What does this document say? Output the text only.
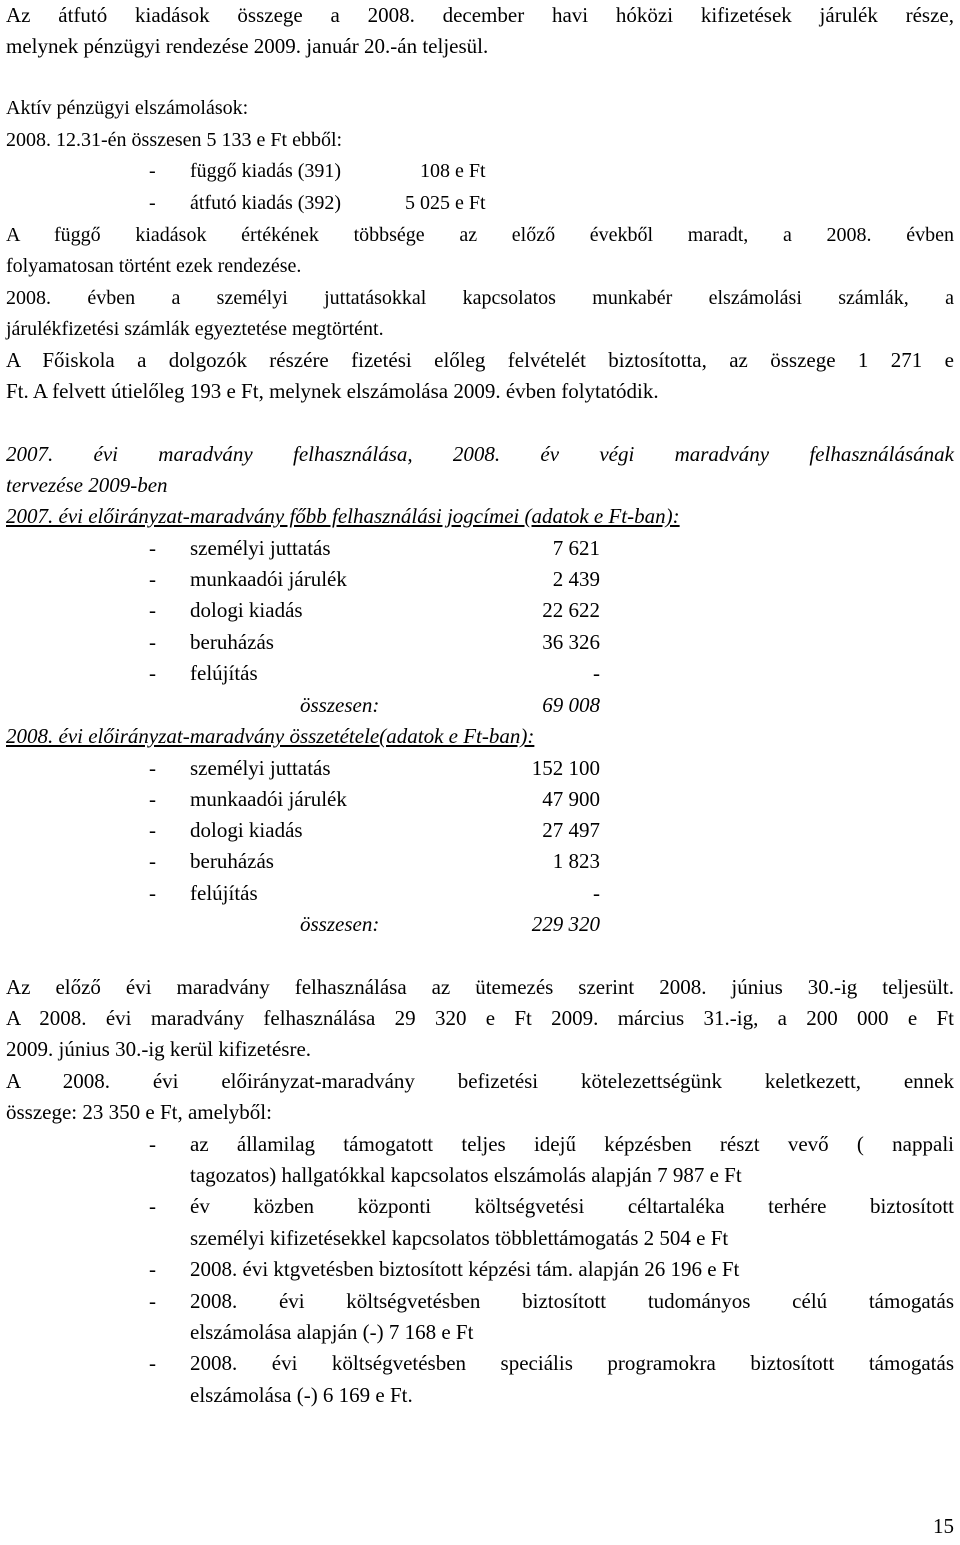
Az átfutó kiadások összege a 2008. december havi hóközi kifizetések járulék része,
melynek pénzügyi rendezése 2009. január 20.-án teljesül.
Aktív pénzügyi elszámolások:
2008. 12.31-én összesen 5 133 e Ft ebből:
- függő kiadás (391)	108 e Ft
- átfutó kiadás (392)	5 025 e Ft
A függő kiadások értékének többsége az előző évekből maradt, a 2008. évben
folyamatosan történt ezek rendezése.
2008. évben a személyi juttatásokkal kapcsolatos munkabér elszámolási számlák, a
járulékfizetési számlák egyeztetése megtörtént.
A Főiskola a dolgozók részére fizetési előleg felvételét biztosította, az összege 1 271 e
Ft. A felvett útielőleg 193 e Ft, melynek elszámolása 2009. évben folytatódik.
2007. évi maradvány felhasználása, 2008. év végi maradvány felhasználásának
tervezése 2009-ben
2007. évi előirányzat-maradvány főbb felhasználási jogcímei (adatok e Ft-ban):
- személyi juttatás	7 621
- munkaadói járulék	2 439
- dologi kiadás	22 622
- beruházás	36 326
- felújítás	-
összesen:	69 008
2008. évi előirányzat-maradvány összetétele(adatok e Ft-ban):
- személyi juttatás	152 100
- munkaadói járulék	47 900
- dologi kiadás	27 497
- beruházás	1 823
- felújítás	-
összesen:	229 320
Az előző évi maradvány felhasználása az ütemezés szerint 2008. június 30.-ig teljesült.
A 2008. évi maradvány felhasználása 29 320 e Ft 2009. március 31.-ig, a 200 000 e Ft
2009. június 30.-ig kerül kifizetésre.
A 2008. évi előirányzat-maradvány befizetési kötelezettségünk keletkezett, ennek
összege: 23 350 e Ft, amelyből:
- az államilag támogatott teljes idejű képzésben részt vevő ( nappali
tagozatos) hallgatókkal kapcsolatos elszámolás alapján 7 987 e Ft
- év közben központi költségvetési céltartaléka terhére biztosított
személyi kifizetésekkel kapcsolatos többlettámogatás 2 504 e Ft
- 2008. évi ktgvetésben biztosított képzési tám. alapján 26 196 e Ft
- 2008. évi költségvetésben biztosított tudományos célú támogatás
elszámolása alapján (-) 7 168 e Ft
- 2008. évi költségvetésben speciális programokra biztosított támogatás
elszámolása (-) 6 169 e Ft.
15
